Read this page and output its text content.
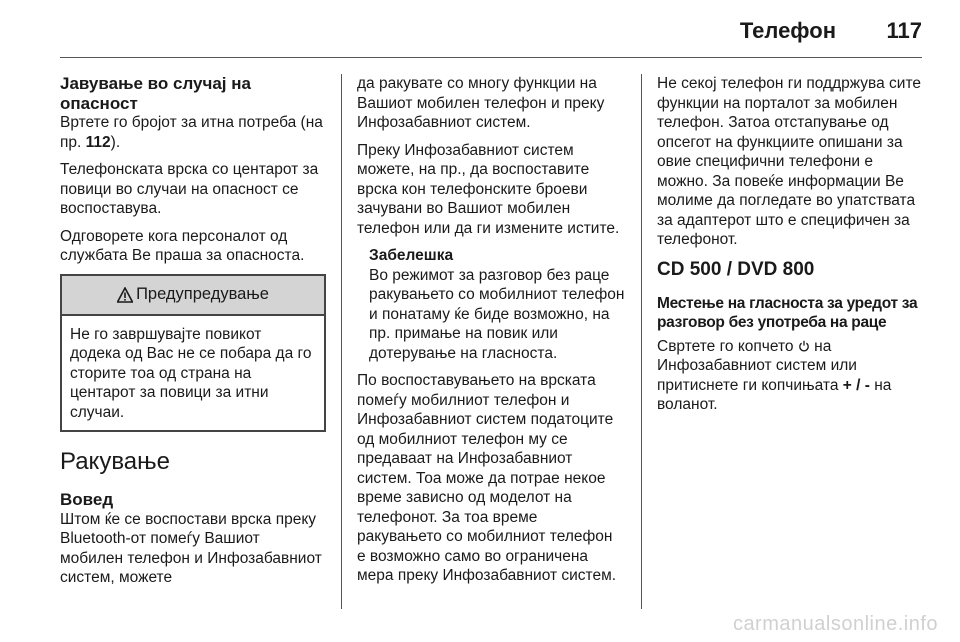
Телефон 117
Јавување во случај на
опасност

Вртете го бројот за итна потреба (на пр. 112).

Телефонската врска со центарот за повици во случаи на опасност се воспоставува.

Одговорете кога персоналот од службата Ве праша за опасноста.

Предупредување
Не го завршувајте повикот додека од Вас не се побара да го сторите тоа од страна на центарот за повици за итни случаи.
Ракување
Вовед

Штом ќе се воспостави врска преку Bluetooth-от помеѓу Вашиот мобилен телефон и Инфозабавниот систем, можете

да ракувате со многу функции на Вашиот мобилен телефон и преку Инфозабавниот систем.

Преку Инфозабавниот систем можете, на пр., да воспоставите врска кон телефонските броеви зачувани во Вашиот мобилен телефон или да ги измените истите.

Забелешка
Во режимот за разговор без раце ракувањето со мобилниот телефон и понатаму ќе биде возможно, на пр. примање на повик или дотерување на гласноста.

По воспоставувањето на врската помеѓу мобилниот телефон и Инфозабавниот систем податоците од мобилниот телефон му се предаваат на Инфозабавниот систем. Тоа може да потрае некое време зависно од моделот на телефонот. За тоа време ракувањето со мобилниот телефон е возможно само во ограничена мера преку Инфозабавниот систем.

Не секој телефон ги поддржува сите функции на порталот за мобилен телефон. Затоа отстапување од опсегот на функциите опишани за овие специфични телефони е можно. За повеќе информации Ве молиме да погледате во упатствата за адаптерот што е специфичен за телефонот.

CD 500 / DVD 800
Местење на гласноста за уредот за
разговор без употреба на раце

Свртете го копчето  на Инфозабавниот систем или притиснете ги копчињата + / - на воланот.

carmanualsonline.info
